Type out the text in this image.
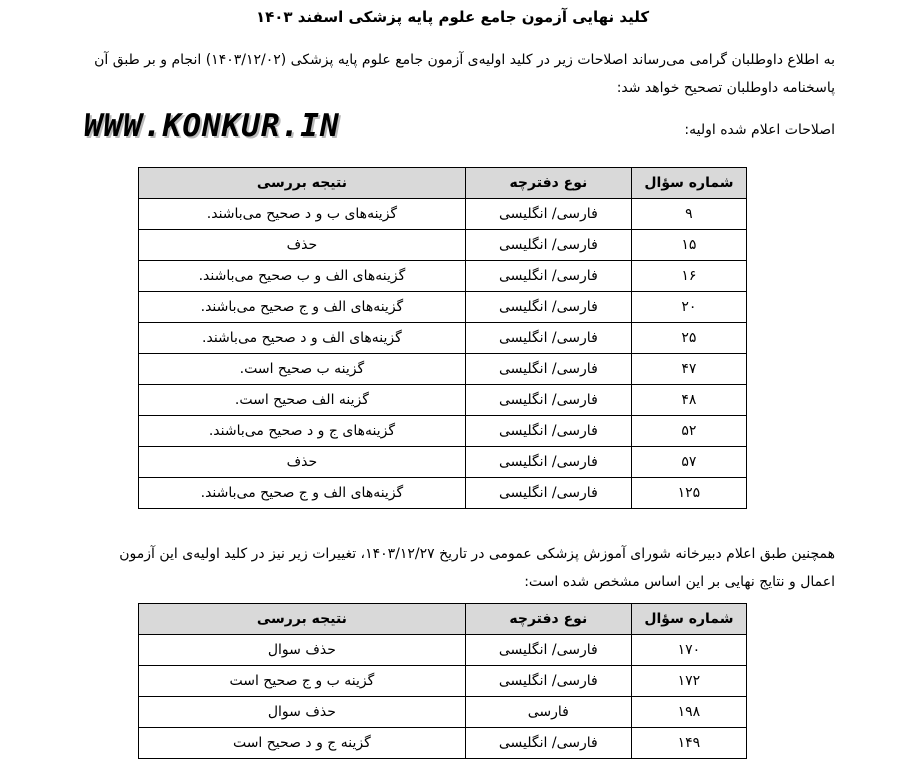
کلید نهایی آزمون جامع علوم پایه پزشکی اسفند ۱۴۰۳
به اطلاع داوطلبان گرامی می‌رساند اصلاحات زیر در کلید اولیه‌ی آزمون جامع علوم پایه پزشکی (۱۴۰۳/۱۲/۰۲) انجام و بر طبق آن
پاسخنامه داوطلبان تصحیح خواهد شد:
WWW.KONKUR.IN	اصلاحات اعلام شده اولیه:
شماره سؤال	نوع دفترچه	نتیجه بررسی
۹	فارسی/ انگلیسی	گزینه‌های ب و د صحیح می‌باشند.
۱۵	فارسی/ انگلیسی	حذف
۱۶	فارسی/ انگلیسی	گزینه‌های الف و ب صحیح می‌باشند.
۲۰	فارسی/ انگلیسی	گزینه‌های الف و ج صحیح می‌باشند.
۲۵	فارسی/ انگلیسی	گزینه‌های الف و د صحیح می‌باشند.
۴۷	فارسی/ انگلیسی	گزینه ب صحیح است.
۴۸	فارسی/ انگلیسی	گزینه الف صحیح است.
۵۲	فارسی/ انگلیسی	گزینه‌های ج و د صحیح می‌باشند.
۵۷	فارسی/ انگلیسی	حذف
۱۲۵	فارسی/ انگلیسی	گزینه‌های الف و ج صحیح می‌باشند.
همچنین طبق اعلام دبیرخانه شورای آموزش پزشکی عمومی در تاریخ ۱۴۰۳/۱۲/۲۷، تغییرات زیر نیز در کلید اولیه‌ی این آزمون
اعمال و نتایج نهایی بر این اساس مشخص شده است:
شماره سؤال	نوع دفترچه	نتیجه بررسی
۱۷۰	فارسی/ انگلیسی	حذف سوال
۱۷۲	فارسی/ انگلیسی	گزینه ب و ج صحیح است
۱۹۸	فارسی	حذف سوال
۱۴۹	فارسی/ انگلیسی	گزینه ج و د صحیح است
